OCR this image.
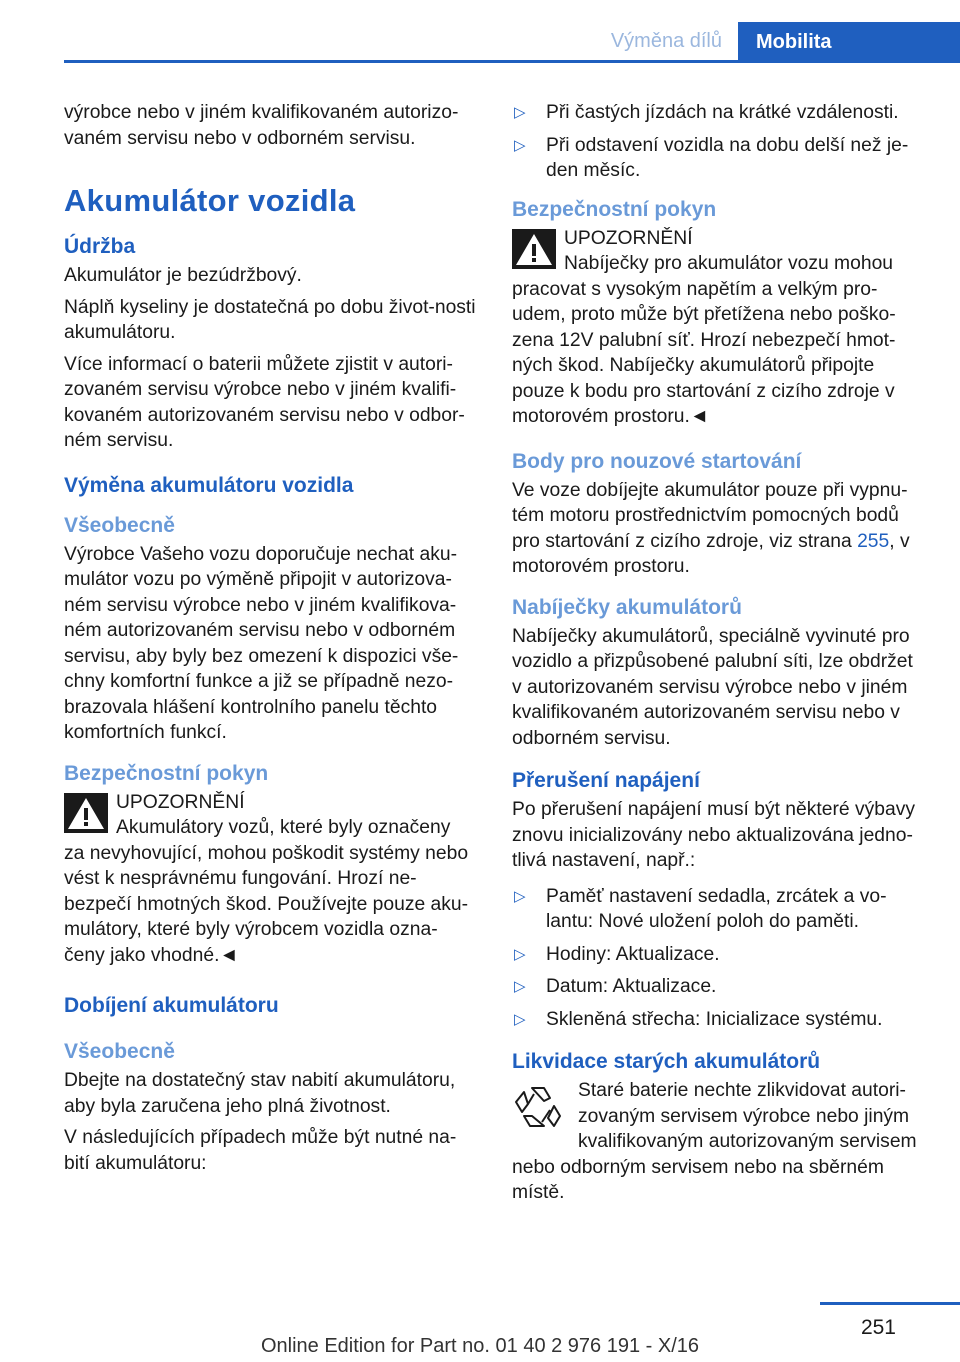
Výměna dílů	Mobilita

výrobce nebo v jiném kvalifikovaném autorizo-vaném servisu nebo v odborném servisu.

Akumulátor vozidla
Údržba

Akumulátor je bezúdržbový.

Náplň kyseliny je dostatečná po dobu život-nosti akumulátoru.

Více informací o baterii můžete zjistit v autori-zovaném servisu výrobce nebo v jiném kvalifi-kovaném autorizovaném servisu nebo v odbor-ném servisu.

Výměna akumulátoru vozidla
Všeobecně

Výrobce Vašeho vozu doporučuje nechat aku-mulátor vozu po výměně připojit v autorizova-ném servisu výrobce nebo v jiném kvalifikova-ném autorizovaném servisu nebo v odborném servisu, aby byly bez omezení k dispozici vše-chny komfortní funkce a již se případně nezo-brazovala hlášení kontrolního panelu těchto komfortních funkcí.

Bezpečnostní pokyn
UPOZORNĚNÍ
Akumulátory vozů, které byly označeny
za nevyhovující, mohou poškodit systémy nebo vést k nesprávnému fungování. Hrozí ne-bezpečí hmotných škod. Používejte pouze aku-mulátory, které byly výrobcem vozidla ozna-čeny jako vhodné.◄
Dobíjení akumulátoru
Všeobecně

Dbejte na dostatečný stav nabití akumulátoru, aby byla zaručena jeho plná životnost.

V následujících případech může být nutné na-bití akumulátoru:

▷ Při častých jízdách na krátké vzdálenosti.
▷ Při odstavení vozidla na dobu delší než je-den měsíc.
Bezpečnostní pokyn
UPOZORNĚNÍ
Nabíječky pro akumulátor vozu mohou
pracovat s vysokým napětím a velkým pro-udem, proto může být přetížena nebo poško-zena 12V palubní síť. Hrozí nebezpečí hmot-ných škod. Nabíječky akumulátorů připojte pouze k bodu pro startování z cizího zdroje v motorovém prostoru.◄
Body pro nouzové startování

Ve voze dobíjejte akumulátor pouze při vypnu-tém motoru prostřednictvím pomocných bodů pro startování z cizího zdroje, viz strana 255, v motorovém prostoru.

Nabíječky akumulátorů

Nabíječky akumulátorů, speciálně vyvinuté pro vozidlo a přizpůsobené palubní síti, lze obdržet v autorizovaném servisu výrobce nebo v jiném kvalifikovaném autorizovaném servisu nebo v odborném servisu.

Přerušení napájení

Po přerušení napájení musí být některé výbavy znovu inicializovány nebo aktualizována jedno-tlivá nastavení, např.:

▷ Paměť nastavení sedadla, zrcátek a vo-lantu: Nové uložení poloh do paměti.
▷ Hodiny: Aktualizace.
▷ Datum: Aktualizace.
▷ Skleněná střecha: Inicializace systému.
Likvidace starých akumulátorů
Staré baterie nechte zlikvidovat autori-
zovaným servisem výrobce nebo jiným
kvalifikovaným autorizovaným servisem
nebo odborným servisem nebo na sběrném místě.
251
Online Edition for Part no. 01 40 2 976 191 - X/16
